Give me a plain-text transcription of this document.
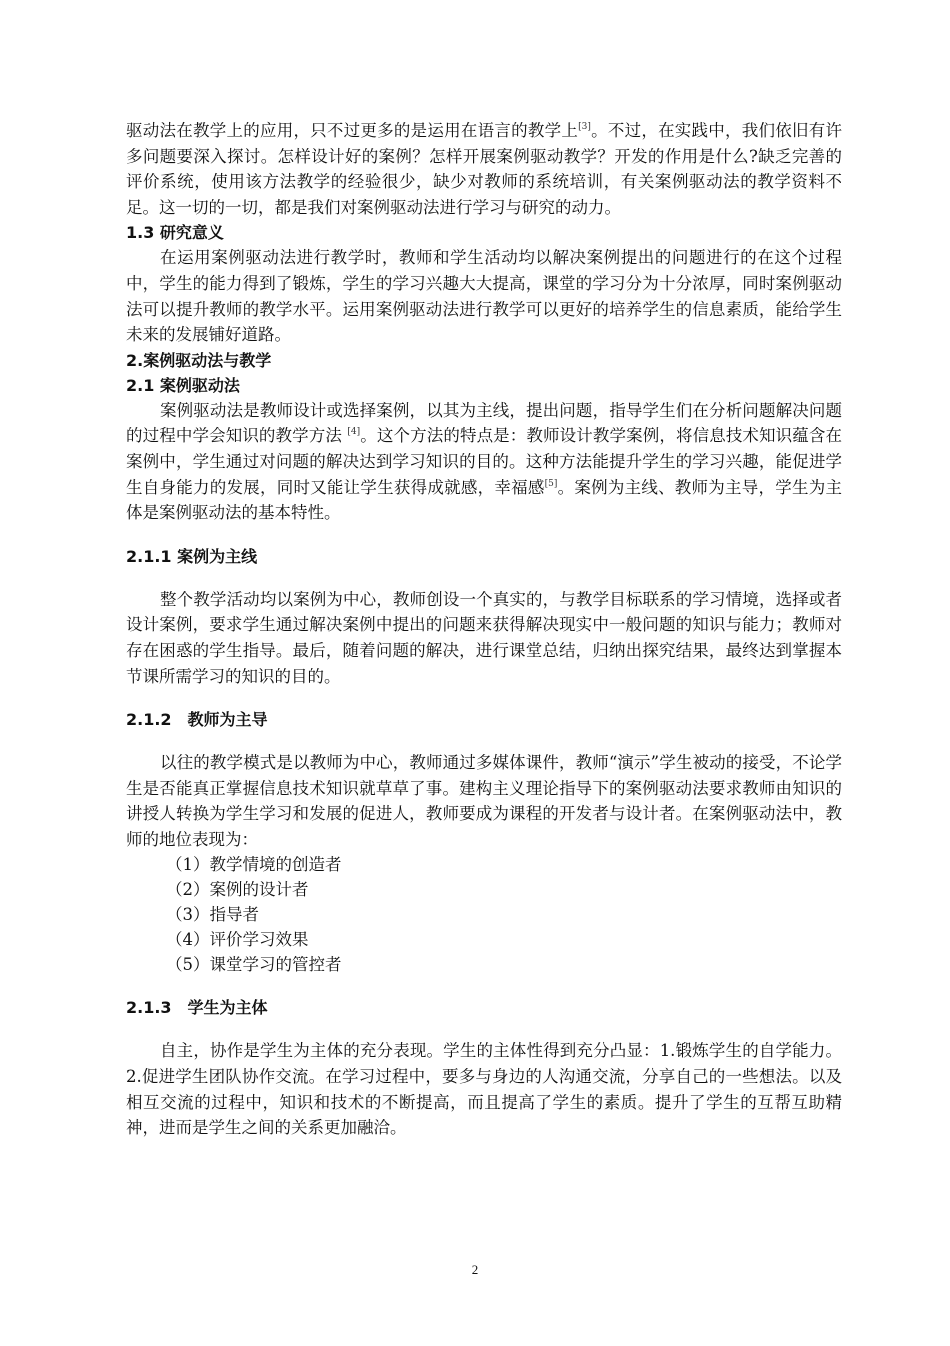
驱动法在教学上的应用，只不过更多的是运用在语言的教学上[3]。不过，在实践中，我们依旧有许多问题要深入探讨。怎样设计好的案例？怎样开展案例驱动教学？开发的作用是什么?缺乏完善的评价系统，使用该方法教学的经验很少，缺少对教师的系统培训，有关案例驱动法的教学资料不足。这一切的一切，都是我们对案例驱动法进行学习与研究的动力。

1.3 研究意义

在运用案例驱动法进行教学时，教师和学生活动均以解决案例提出的问题进行的在这个过程中，学生的能力得到了锻炼，学生的学习兴趣大大提高，课堂的学习分为十分浓厚，同时案例驱动法可以提升教师的教学水平。运用案例驱动法进行教学可以更好的培养学生的信息素质，能给学生未来的发展铺好道路。

2.案例驱动法与教学

2.1 案例驱动法

案例驱动法是教师设计或选择案例，以其为主线，提出问题，指导学生们在分析问题解决问题的过程中学会知识的教学方法 [4]。这个方法的特点是：教师设计教学案例，将信息技术知识蕴含在案例中，学生通过对问题的解决达到学习知识的目的。这种方法能提升学生的学习兴趣，能促进学生自身能力的发展，同时又能让学生获得成就感，幸福感[5]。案例为主线、教师为主导，学生为主体是案例驱动法的基本特性。

2.1.1 案例为主线

整个教学活动均以案例为中心，教师创设一个真实的，与教学目标联系的学习情境，选择或者设计案例，要求学生通过解决案例中提出的问题来获得解决现实中一般问题的知识与能力；教师对存在困惑的学生指导。最后，随着问题的解决，进行课堂总结，归纳出探究结果，最终达到掌握本节课所需学习的知识的目的。

2.1.2　教师为主导

以往的教学模式是以教师为中心，教师通过多媒体课件，教师“演示”学生被动的接受，不论学生是否能真正掌握信息技术知识就草草了事。建构主义理论指导下的案例驱动法要求教师由知识的讲授人转换为学生学习和发展的促进人，教师要成为课程的开发者与设计者。在案例驱动法中，教师的地位表现为：

（1）教学情境的创造者
（2）案例的设计者
（3）指导者
（4）评价学习效果
（5）课堂学习的管控者

2.1.3　学生为主体

自主，协作是学生为主体的充分表现。学生的主体性得到充分凸显：1.锻炼学生的自学能力。2.促进学生团队协作交流。在学习过程中，要多与身边的人沟通交流，分享自己的一些想法。以及相互交流的过程中，知识和技术的不断提高，而且提高了学生的素质。提升了学生的互帮互助精神，进而是学生之间的关系更加融洽。

2
